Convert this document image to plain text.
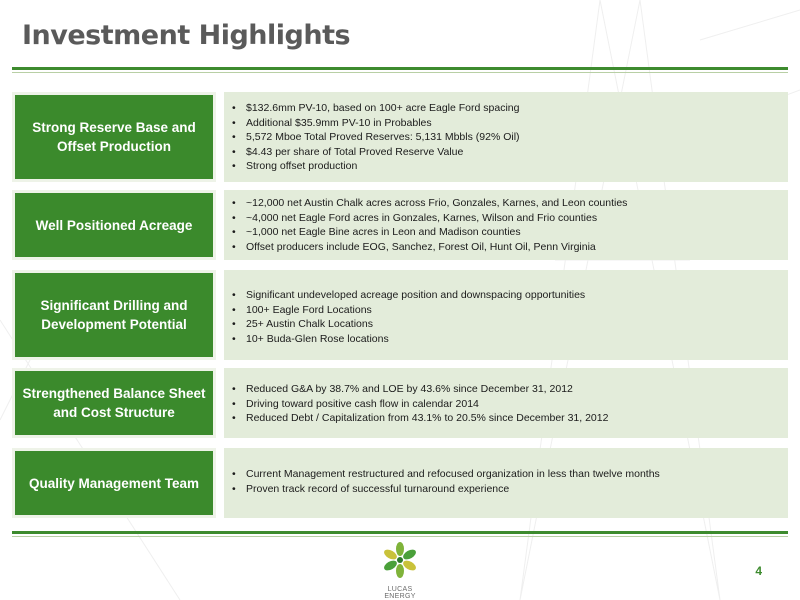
Investment Highlights
Strong Reserve Base and Offset Production
• $132.6mm PV-10, based on 100+ acre Eagle Ford spacing
• Additional $35.9mm PV-10 in Probables
• 5,572 Mboe Total Proved Reserves: 5,131 Mbbls (92% Oil)
• $4.43 per share of Total Proved Reserve Value
• Strong offset production
Well Positioned Acreage
• ~12,000 net Austin Chalk acres across Frio, Gonzales, Karnes, and Leon counties
• ~4,000 net Eagle Ford acres in Gonzales, Karnes, Wilson and Frio counties
• ~1,000 net Eagle Bine acres in Leon and Madison counties
• Offset producers include EOG, Sanchez, Forest Oil, Hunt Oil, Penn Virginia
Significant Drilling and Development Potential
• Significant undeveloped acreage position and downspacing opportunities
• 100+ Eagle Ford Locations
• 25+ Austin Chalk Locations
• 10+ Buda-Glen Rose locations
Strengthened Balance Sheet and Cost Structure
• Reduced G&A by 38.7% and LOE by 43.6% since December 31, 2012
• Driving toward positive cash flow in calendar 2014
• Reduced Debt / Capitalization from 43.1% to 20.5% since December 31, 2012
Quality Management Team
• Current Management restructured and refocused organization in less than twelve months
• Proven track record of successful turnaround experience
LUCAS ENERGY
4
